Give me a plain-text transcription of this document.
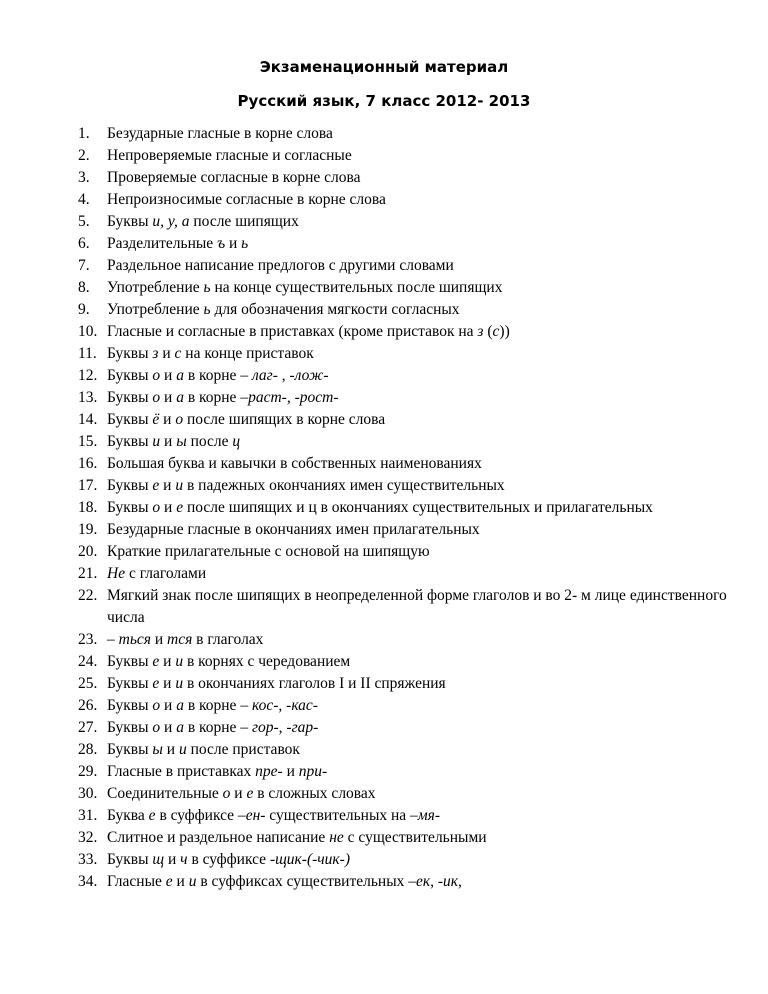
Экзаменационный материал
Русский язык, 7 класс 2012- 2013
1.	Безударные гласные в корне слова
2.	Непроверяемые гласные и согласные
3.	Проверяемые согласные в корне слова
4.	Непроизносимые согласные в корне слова
5.	Буквы и, у, а после шипящих
6.	Разделительные ъ и ь
7.	Раздельное написание предлогов с другими словами
8.	Употребление ь на конце существительных после шипящих
9.	Употребление ь для обозначения мягкости согласных
10. Гласные и согласные в приставках (кроме приставок на з (с))
11. Буквы з и с на конце приставок
12. Буквы о и а в корне – лаг- , -лож-
13. Буквы о и а в корне –раст-, -рост-
14. Буквы ё и о после шипящих в корне слова
15. Буквы и и ы после ц
16. Большая буква и кавычки в собственных наименованиях
17. Буквы е и и в падежных окончаниях имен существительных
18. Буквы о и е после шипящих и ц в окончаниях существительных и прилагательных
19. Безударные гласные в окончаниях имен прилагательных
20. Краткие прилагательные с основой на шипящую
21. Не с глаголами
22. Мягкий знак после шипящих в неопределенной форме глаголов и во 2- м лице единственного числа
23. – ться и тся в глаголах
24. Буквы е и и в корнях с чередованием
25. Буквы е и и в окончаниях глаголов I и II спряжения
26. Буквы о и а в корне – кос-, -кас-
27. Буквы о и а в корне – гор-, -гар-
28. Буквы ы и и после приставок
29. Гласные в приставках пре- и при-
30. Соединительные о и е в сложных словах
31. Буква е в суффиксе –ен- существительных на –мя-
32. Слитное и раздельное написание не с существительными
33. Буквы щ и ч в суффиксе -щик-(-чик-)
34. Гласные е и и в суффиксах существительных –ек, -ик,
